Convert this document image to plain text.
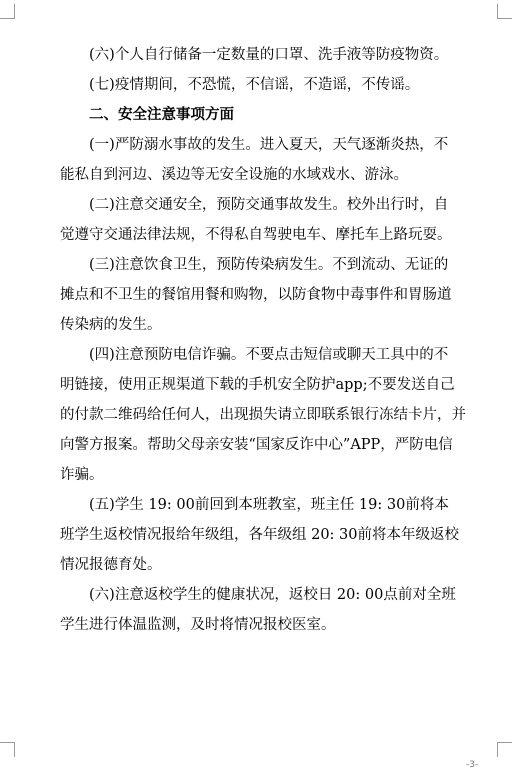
(六)个人自行储备一定数量的口罩、洗手液等防疫物资。
(七)疫情期间，不恐慌，不信谣，不造谣，不传谣。
二、安全注意事项方面
(一)严防溺水事故的发生。进入夏天，天气逐渐炎热，不
能私自到河边、溪边等无安全设施的水域戏水、游泳。
(二)注意交通安全，预防交通事故发生。校外出行时，自
觉遵守交通法律法规，不得私自驾驶电车、摩托车上路玩耍。
(三)注意饮食卫生，预防传染病发生。不到流动、无证的
摊点和不卫生的餐馆用餐和购物，以防食物中毒事件和胃肠道
传染病的发生。
(四)注意预防电信诈骗。不要点击短信或聊天工具中的不
明链接，使用正规渠道下载的手机安全防护app;不要发送自己
的付款二维码给任何人，出现损失请立即联系银行冻结卡片，并
向警方报案。帮助父母亲安装“国家反诈中心”APP，严防电信
诈骗。
(五)学生 19: 00前回到本班教室，班主任 19: 30前将本
班学生返校情况报给年级组，各年级组 20: 30前将本年级返校
情况报德育处。
(六)注意返校学生的健康状况，返校日 20: 00点前对全班
学生进行体温监测，及时将情况报校医室。
-3-
